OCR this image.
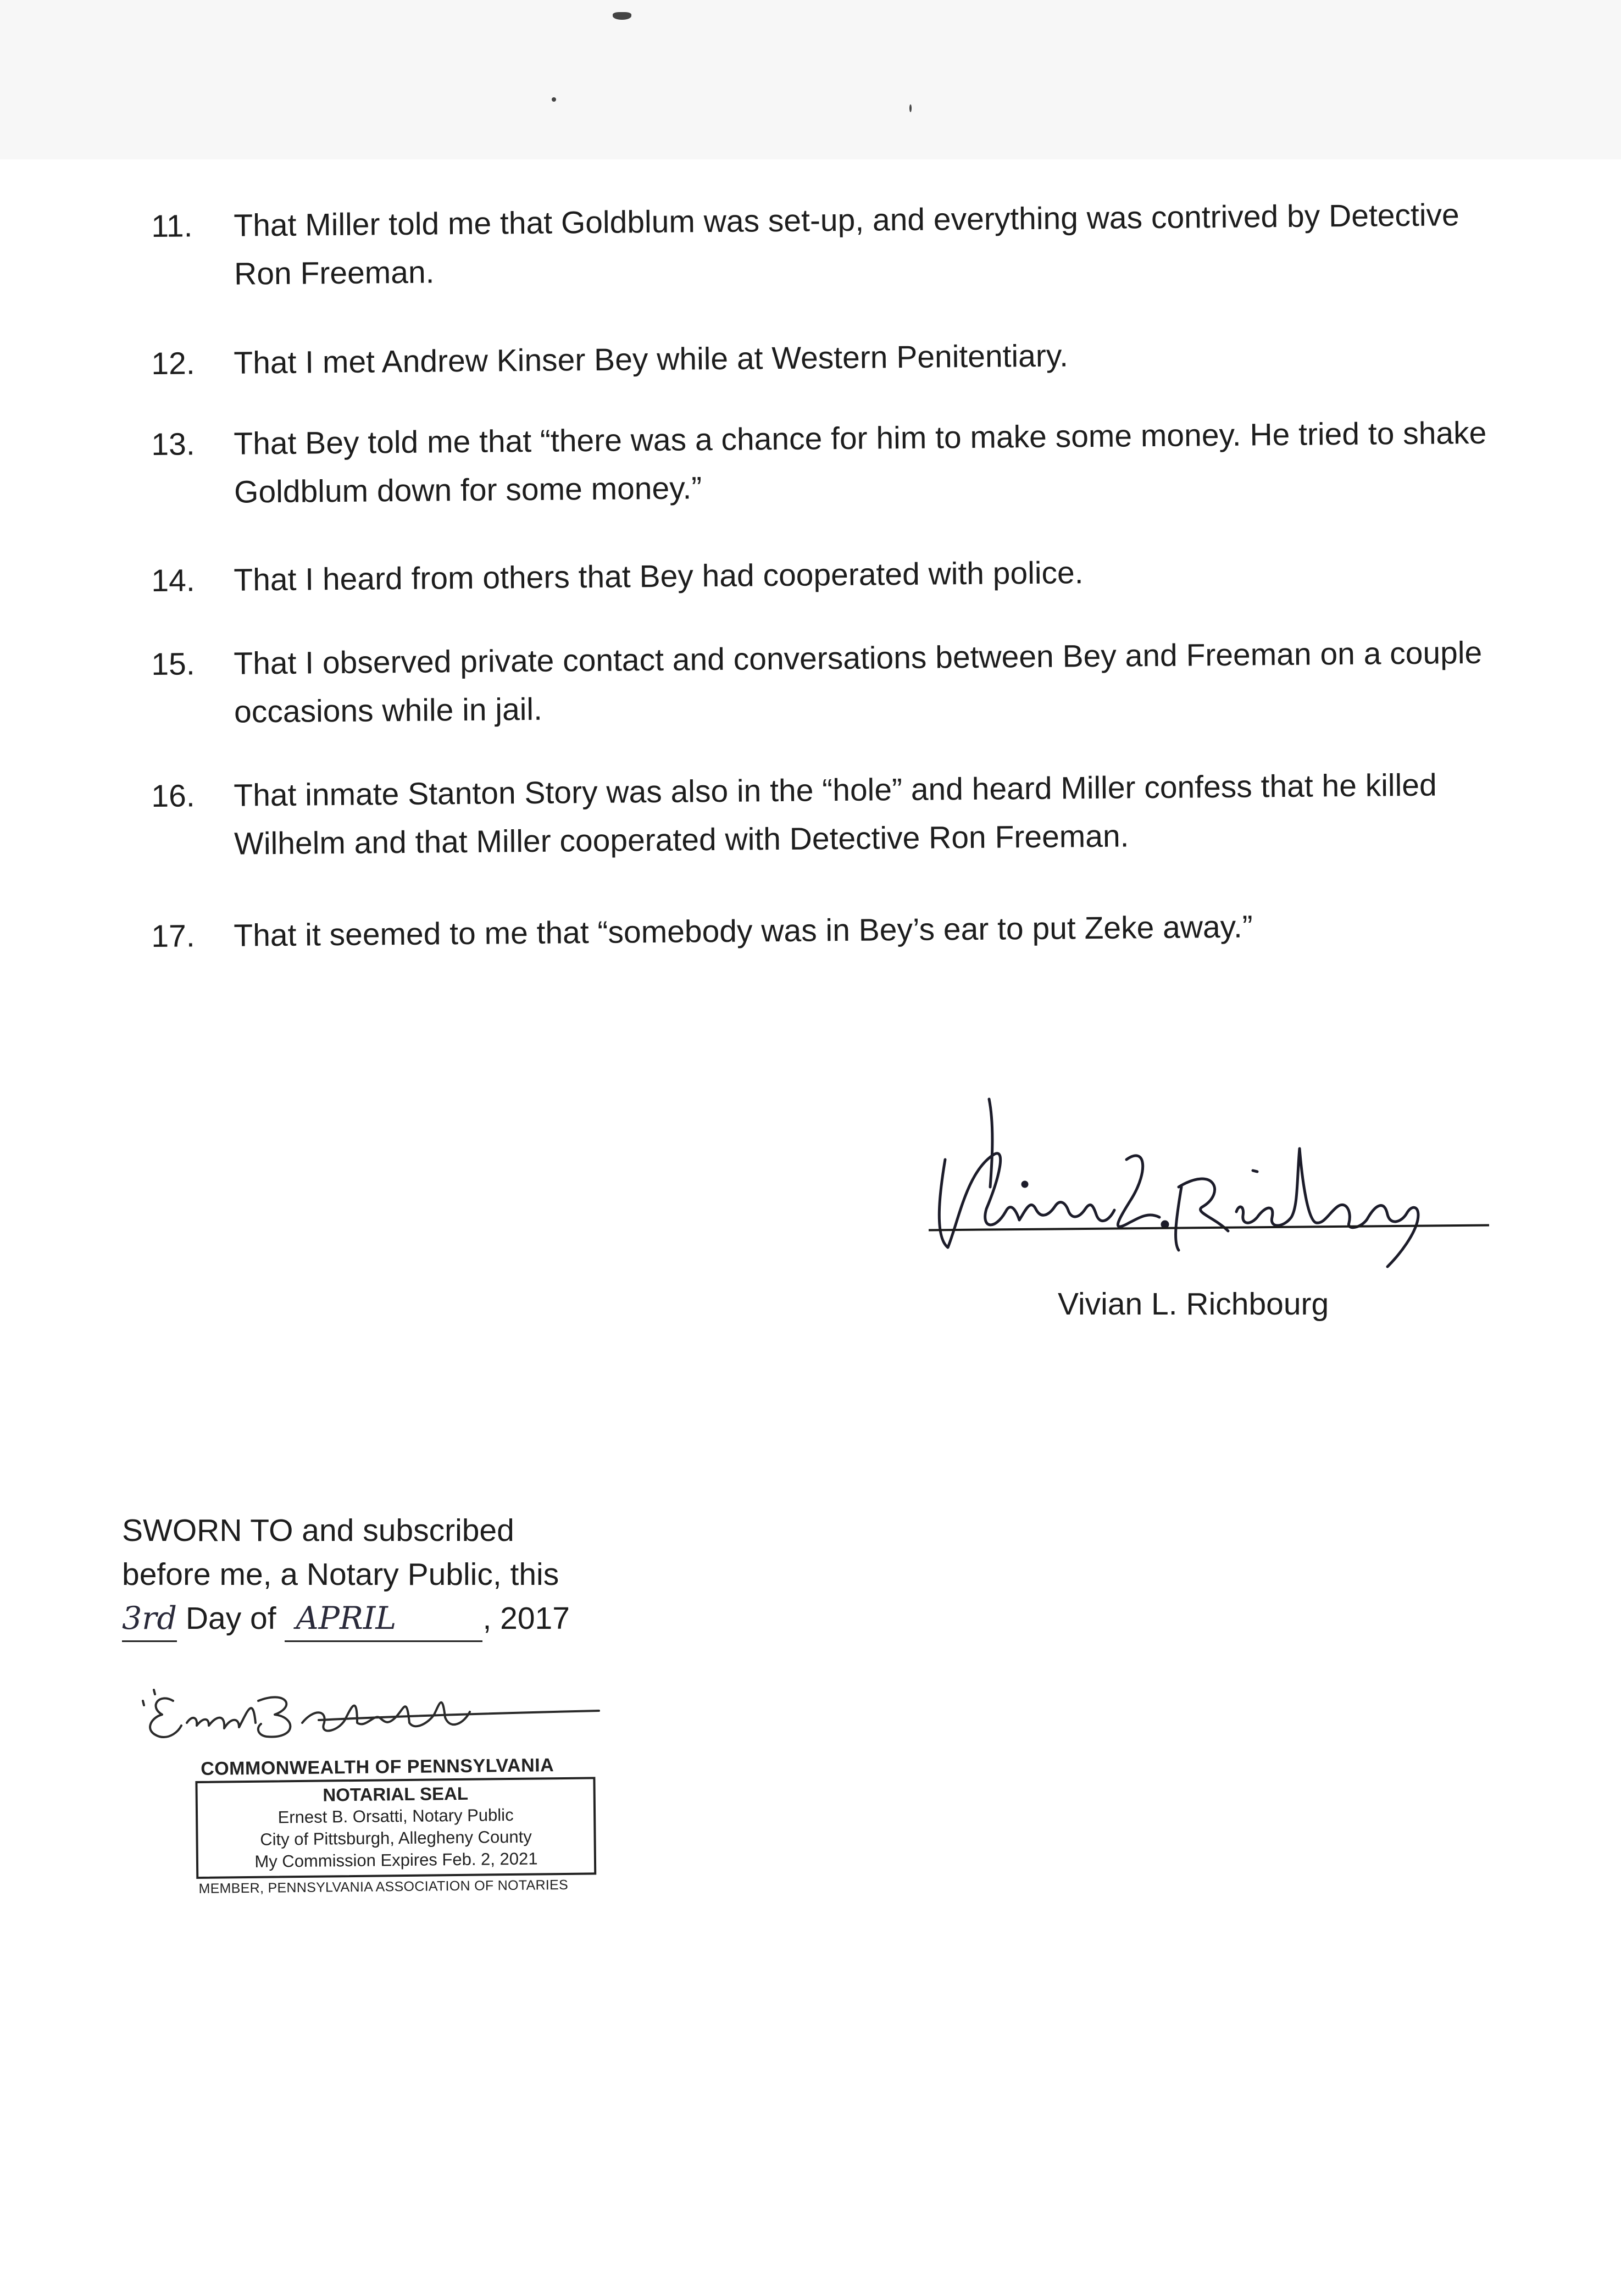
11.	That Miller told me that Goldblum was set-up, and everything was contrived by Detective Ron Freeman.
12.	That I met Andrew Kinser Bey while at Western Penitentiary.
13.	That Bey told me that “there was a chance for him to make some money. He tried to shake Goldblum down for some money.”
14.	That I heard from others that Bey had cooperated with police.
15.	That I observed private contact and conversations between Bey and Freeman on a couple occasions while in jail.
16.	That inmate Stanton Story was also in the “hole” and heard Miller confess that he killed Wilhelm and that Miller cooperated with Detective Ron Freeman.
17.	That it seemed to me that “somebody was in Bey’s ear to put Zeke away.”
Vivian L. Richbourg
SWORN TO and subscribed
before me, a Notary Public, this
3rd Day of APRIL	, 2017
COMMONWEALTH OF PENNSYLVANIA
NOTARIAL SEAL
Ernest B. Orsatti, Notary Public
City of Pittsburgh, Allegheny County
My Commission Expires Feb. 2, 2021
MEMBER, PENNSYLVANIA ASSOCIATION OF NOTARIES
